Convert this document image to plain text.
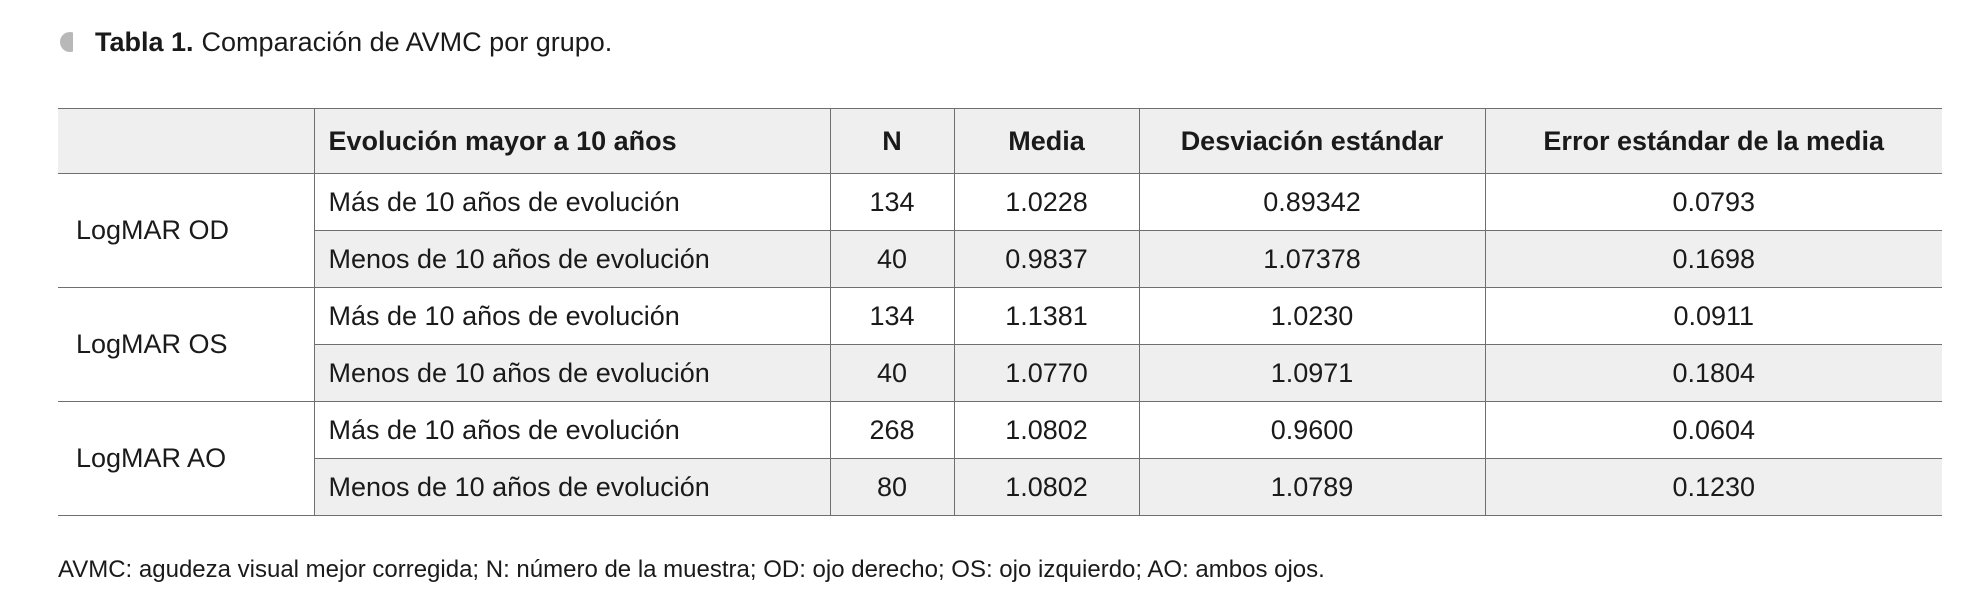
Tabla 1. Comparación de AVMC por grupo.
	Evolución mayor a 10 años	N	Media	Desviación estándar	Error estándar de la media
LogMAR OD	Más de 10 años de evolución	134	1.0228	0.89342	0.0793
	Menos de 10 años de evolución	40	0.9837	1.07378	0.1698
LogMAR OS	Más de 10 años de evolución	134	1.1381	1.0230	0.0911
	Menos de 10 años de evolución	40	1.0770	1.0971	0.1804
LogMAR AO	Más de 10 años de evolución	268	1.0802	0.9600	0.0604
	Menos de 10 años de evolución	80	1.0802	1.0789	0.1230
AVMC: agudeza visual mejor corregida; N: número de la muestra; OD: ojo derecho; OS: ojo izquierdo; AO: ambos ojos.
